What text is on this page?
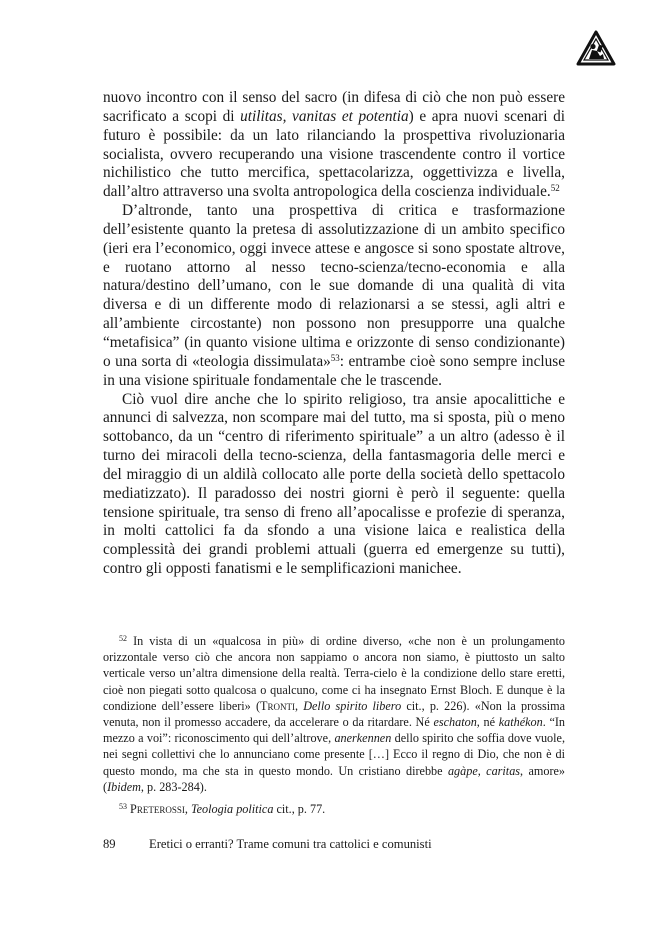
nuovo incontro con il senso del sacro (in difesa di ciò che non può essere sacrificato a scopi di utilitas, vanitas et potentia) e apra nuovi scenari di futuro è possibile: da un lato rilanciando la prospettiva rivoluzionaria socialista, ovvero recuperando una visione trascendente contro il vortice nichilistico che tutto mercifica, spettacolarizza, oggettivizza e livella, dall’altro attraverso una svolta antropologica della coscienza individuale.$^{52}$

D’altronde, tanto una prospettiva di critica e trasformazione dell’esistente quanto la pretesa di assolutizzazione di un ambito specifico (ieri era l’economico, oggi invece attese e angosce si sono spostate altrove, e ruotano attorno al nesso tecno-scienza/tecno-economia e alla natura/destino dell’umano, con le sue domande di una qualità di vita diversa e di un differente modo di relazionarsi a se stessi, agli altri e all’ambiente circostante) non possono non presupporre una qualche “metafisica” (in quanto visione ultima e orizzonte di senso condizionante) o una sorta di «teologia dissimulata»$^{53}$: entrambe cioè sono sempre incluse in una visione spirituale fondamentale che le trascende.

Ciò vuol dire anche che lo spirito religioso, tra ansie apocalittiche e annunci di salvezza, non scompare mai del tutto, ma si sposta, più o meno sottobanco, da un “centro di riferimento spirituale” a un altro (adesso è il turno dei miracoli della tecno-scienza, della fantasmagoria delle merci e del miraggio di un aldilà collocato alle porte della società dello spettacolo mediatizzato). Il paradosso dei nostri giorni è però il seguente: quella tensione spirituale, tra senso di freno all’apocalisse e profezie di speranza, in molti cattolici fa da sfondo a una visione laica e realistica della complessità dei grandi problemi attuali (guerra ed emergenze su tutti), contro gli opposti fanatismi e le semplificazioni manichee.

$^{52}$ In vista di un «qualcosa in più» di ordine diverso, «che non è un prolungamento orizzontale verso ciò che ancora non sappiamo o ancora non siamo, è piuttosto un salto verticale verso un’altra dimensione della realtà. Terra-cielo è la condizione dello stare eretti, cioè non piegati sotto qualcosa o qualcuno, come ci ha insegnato Ernst Bloch. E dunque è la condizione dell’essere liberi» (Tronti, Dello spirito libero cit., p. 226). «Non la prossima venuta, non il promesso accadere, da accelerare o da ritardare. Né eschaton, né kathékon. “In mezzo a voi”: riconoscimento qui dell’altrove, anerkennen dello spirito che soffia dove vuole, nei segni collettivi che lo annunciano come presente […] Ecco il regno di Dio, che non è di questo mondo, ma che sta in questo mondo. Un cristiano direbbe agàpe, caritas, amore» (Ibidem, p. 283-284).

$^{53}$ Preterossi, Teologia politica cit., p. 77.

89	Eretici o erranti? Trame comuni tra cattolici e comunisti
